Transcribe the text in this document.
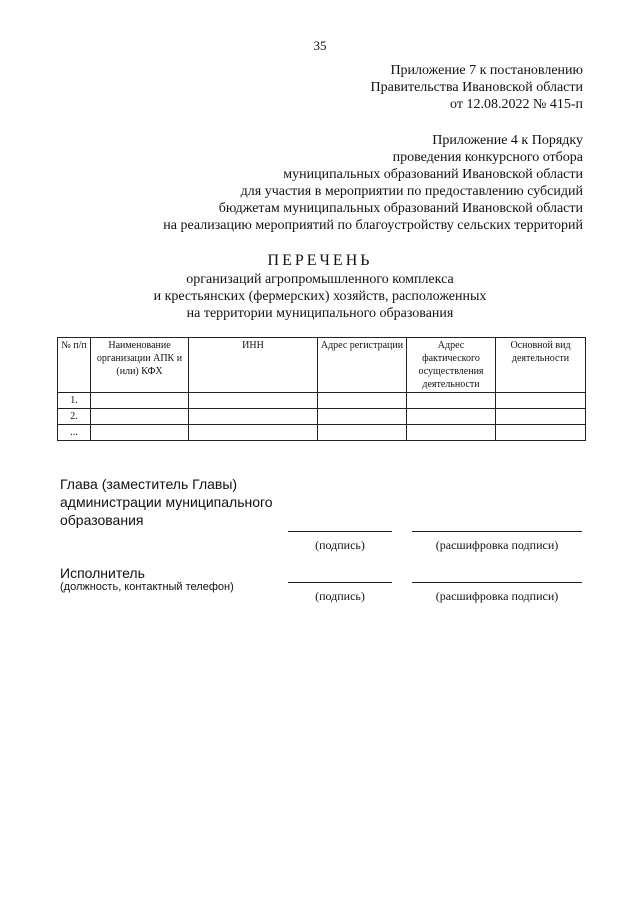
35
Приложение 7 к постановлению
Правительства Ивановской области
от 12.08.2022 № 415-п
Приложение 4 к Порядку
проведения конкурсного отбора
муниципальных образований Ивановской области
для участия в мероприятии по предоставлению субсидий
бюджетам муниципальных образований Ивановской области
на реализацию мероприятий по благоустройству сельских территорий
ПЕРЕЧЕНЬ
организаций агропромышленного комплекса
и крестьянских (фермерских) хозяйств, расположенных
на территории муниципального образования
№ п/п	Наименование организации АПК и (или) КФХ	ИНН	Адрес регистрации	Адрес фактического осуществления деятельности	Основной вид деятельности
1.					
2.					
...					
Глава (заместитель Главы)
администрации муниципального
образования
(подпись)	(расшифровка подписи)
Исполнитель
(должность, контактный телефон)
(подпись)	(расшифровка подписи)
